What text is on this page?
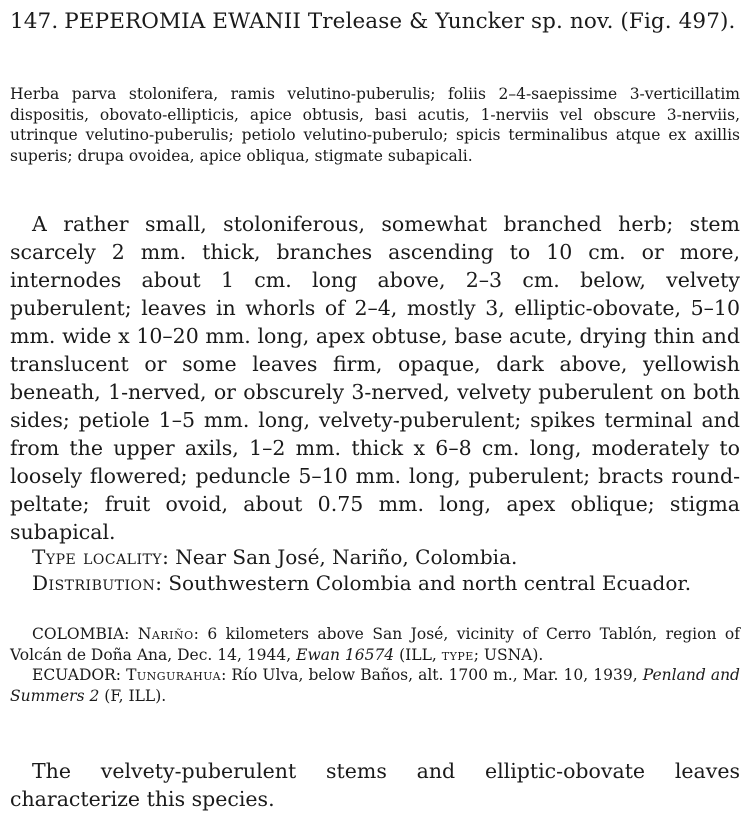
147. PEPEROMIA EWANII Trelease & Yuncker sp. nov. (Fig. 497).
Herba parva stolonifera, ramis velutino-puberulis; foliis 2–4-saepissime 3-verticillatim dispositis, obovato-ellipticis, apice obtusis, basi acutis, 1-nerviis vel obscure 3-nerviis, utrinque velutino-puberulis; petiolo velutino-puberulo; spicis terminalibus atque ex axillis superis; drupa ovoidea, apice obliqua, stigmate subapicali.
A rather small, stoloniferous, somewhat branched herb; stem scarcely 2 mm. thick, branches ascending to 10 cm. or more, internodes about 1 cm. long above, 2–3 cm. below, velvety puberulent; leaves in whorls of 2–4, mostly 3, elliptic-obovate, 5–10 mm. wide x 10–20 mm. long, apex obtuse, base acute, drying thin and translucent or some leaves firm, opaque, dark above, yellowish beneath, 1-nerved, or obscurely 3-nerved, velvety puberulent on both sides; petiole 1–5 mm. long, velvety-puberulent; spikes terminal and from the upper axils, 1–2 mm. thick x 6–8 cm. long, moderately to loosely flowered; peduncle 5–10 mm. long, puberulent; bracts round-peltate; fruit ovoid, about 0.75 mm. long, apex oblique; stigma subapical.
Type locality: Near San José, Nariño, Colombia.
Distribution: Southwestern Colombia and north central Ecuador.
COLOMBIA: Nariño: 6 kilometers above San José, vicinity of Cerro Tablón, region of Volcán de Doña Ana, Dec. 14, 1944, Ewan 16574 (ILL, type; USNA).
ECUADOR: Tungurahua: Río Ulva, below Baños, alt. 1700 m., Mar. 10, 1939, Penland and Summers 2 (F, ILL).
The velvety-puberulent stems and elliptic-obovate leaves characterize this species.
